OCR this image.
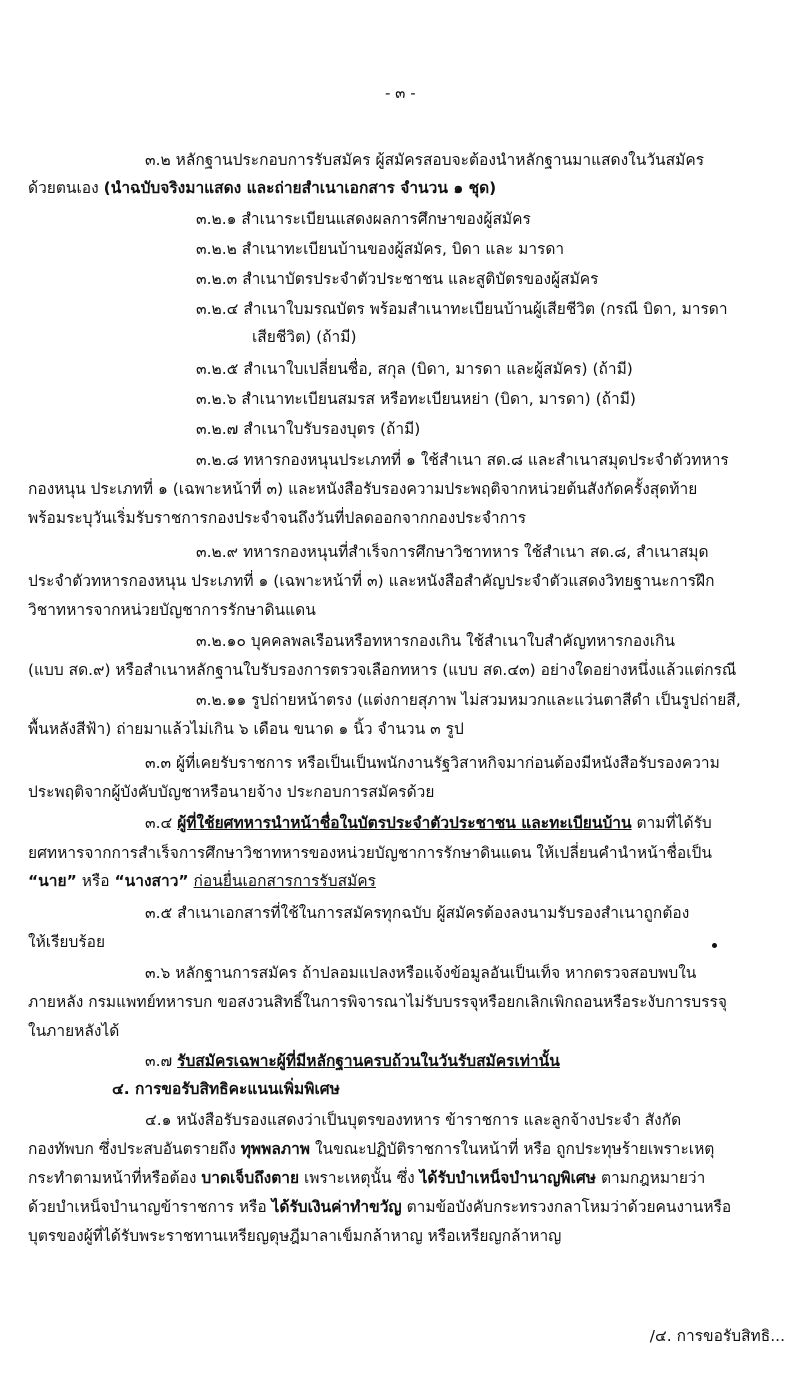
- ๓ -
๓.๒ หลักฐานประกอบการรับสมัคร ผู้สมัครสอบจะต้องนำหลักฐานมาแสดงในวันสมัคร
ด้วยตนเอง (นำฉบับจริงมาแสดง และถ่ายสำเนาเอกสาร จำนวน ๑ ชุด)
๓.๒.๑ สำเนาระเบียนแสดงผลการศึกษาของผู้สมัคร
๓.๒.๒ สำเนาทะเบียนบ้านของผู้สมัคร, บิดา และ มารดา
๓.๒.๓ สำเนาบัตรประจำตัวประชาชน และสูติบัตรของผู้สมัคร
๓.๒.๔ สำเนาใบมรณบัตร พร้อมสำเนาทะเบียนบ้านผู้เสียชีวิต (กรณี บิดา, มารดา
เสียชีวิต) (ถ้ามี)
๓.๒.๕ สำเนาใบเปลี่ยนชื่อ, สกุล (บิดา, มารดา และผู้สมัคร) (ถ้ามี)
๓.๒.๖ สำเนาทะเบียนสมรส หรือทะเบียนหย่า (บิดา, มารดา) (ถ้ามี)
๓.๒.๗ สำเนาใบรับรองบุตร (ถ้ามี)
๓.๒.๘ ทหารกองหนุนประเภทที่ ๑ ใช้สำเนา สด.๘ และสำเนาสมุดประจำตัวทหาร
กองหนุน ประเภทที่ ๑ (เฉพาะหน้าที่ ๓) และหนังสือรับรองความประพฤติจากหน่วยต้นสังกัดครั้งสุดท้าย
พร้อมระบุวันเริ่มรับราชการกองประจำจนถึงวันที่ปลดออกจากกองประจำการ
๓.๒.๙ ทหารกองหนุนที่สำเร็จการศึกษาวิชาทหาร ใช้สำเนา สด.๘, สำเนาสมุด
ประจำตัวทหารกองหนุน ประเภทที่ ๑ (เฉพาะหน้าที่ ๓) และหนังสือสำคัญประจำตัวแสดงวิทยฐานะการฝึก
วิชาทหารจากหน่วยบัญชาการรักษาดินแดน
๓.๒.๑๐ บุคคลพลเรือนหรือทหารกองเกิน ใช้สำเนาใบสำคัญทหารกองเกิน
(แบบ สด.๙) หรือสำเนาหลักฐานใบรับรองการตรวจเลือกทหาร (แบบ สด.๔๓) อย่างใดอย่างหนึ่งแล้วแต่กรณี
๓.๒.๑๑ รูปถ่ายหน้าตรง (แต่งกายสุภาพ ไม่สวมหมวกและแว่นตาสีดำ เป็นรูปถ่ายสี,
พื้นหลังสีฟ้า) ถ่ายมาแล้วไม่เกิน ๖ เดือน ขนาด ๑ นิ้ว จำนวน ๓ รูป
๓.๓ ผู้ที่เคยรับราชการ หรือเป็นเป็นพนักงานรัฐวิสาหกิจมาก่อนต้องมีหนังสือรับรองความ
ประพฤติจากผู้บังคับบัญชาหรือนายจ้าง ประกอบการสมัครด้วย
๓.๔ ผู้ที่ใช้ยศทหารนำหน้าชื่อในบัตรประจำตัวประชาชน และทะเบียนบ้าน ตามที่ได้รับ
ยศทหารจากการสำเร็จการศึกษาวิชาทหารของหน่วยบัญชาการรักษาดินแดน ให้เปลี่ยนคำนำหน้าชื่อเป็น
“นาย” หรือ “นางสาว” ก่อนยื่นเอกสารการรับสมัคร
๓.๕ สำเนาเอกสารที่ใช้ในการสมัครทุกฉบับ ผู้สมัครต้องลงนามรับรองสำเนาถูกต้อง
ให้เรียบร้อย
๓.๖ หลักฐานการสมัคร ถ้าปลอมแปลงหรือแจ้งข้อมูลอันเป็นเท็จ หากตรวจสอบพบใน
ภายหลัง กรมแพทย์ทหารบก ขอสงวนสิทธิ์ในการพิจารณาไม่รับบรรจุหรือยกเลิกเพิกถอนหรือระงับการบรรจุ
ในภายหลังได้
๓.๗ รับสมัครเฉพาะผู้ที่มีหลักฐานครบถ้วนในวันรับสมัครเท่านั้น
๔. การขอรับสิทธิคะแนนเพิ่มพิเศษ
๔.๑ หนังสือรับรองแสดงว่าเป็นบุตรของทหาร ข้าราชการ และลูกจ้างประจำ สังกัด
กองทัพบก ซึ่งประสบอันตรายถึง ทุพพลภาพ ในขณะปฏิบัติราชการในหน้าที่ หรือ ถูกประทุษร้ายเพราะเหตุ
กระทำตามหน้าที่หรือต้อง บาดเจ็บถึงตาย เพราะเหตุนั้น ซึ่ง ได้รับบำเหน็จบำนาญพิเศษ ตามกฎหมายว่า
ด้วยบำเหน็จบำนาญข้าราชการ หรือ ได้รับเงินค่าทำขวัญ ตามข้อบังคับกระทรวงกลาโหมว่าด้วยคนงานหรือ
บุตรของผู้ที่ได้รับพระราชทานเหรียญดุษฎีมาลาเข็มกล้าหาญ หรือเหรียญกล้าหาญ
/๔. การขอรับสิทธิ...
